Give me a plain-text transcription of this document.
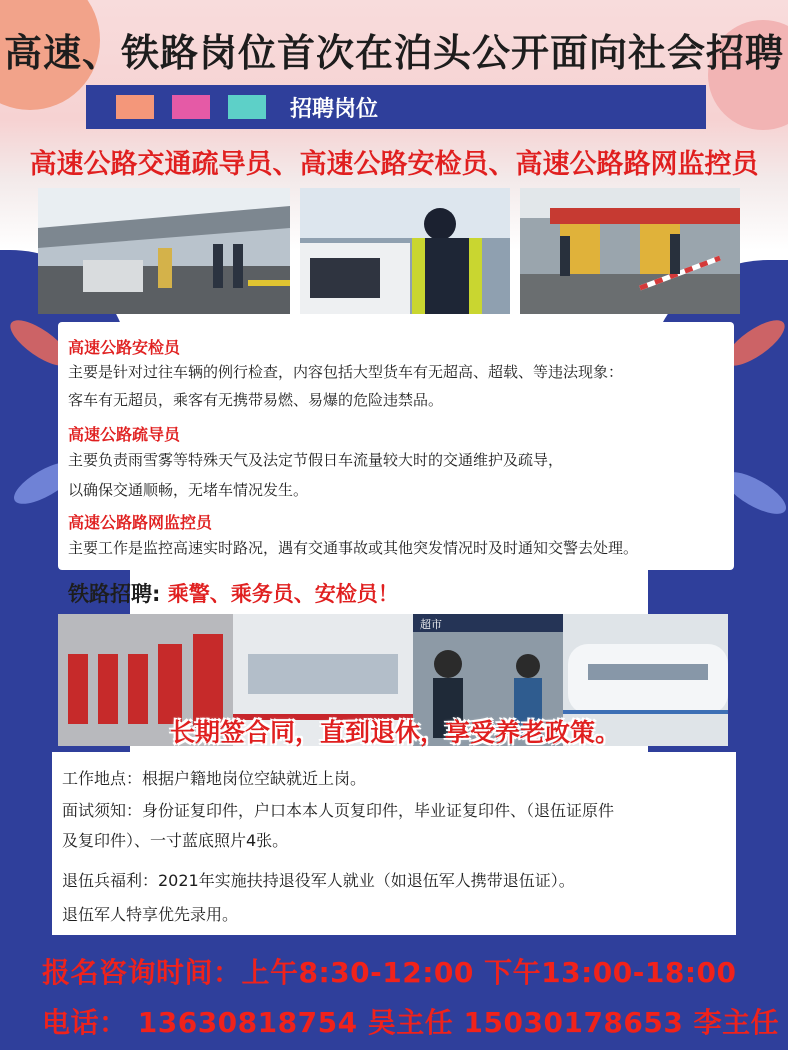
高速、铁路岗位首次在泊头公开面向社会招聘
招聘岗位
高速公路交通疏导员、高速公路安检员、高速公路路网监控员
高速公路安检员
主要是针对过往车辆的例行检查，内容包括大型货车有无超高、超载、等违法现象：
客车有无超员，乘客有无携带易燃、易爆的危险违禁品。
高速公路疏导员
主要负责雨雪雾等特殊天气及法定节假日车流量较大时的交通维护及疏导，
以确保交通顺畅，无堵车情况发生。
高速公路路网监控员
主要工作是监控高速实时路况，遇有交通事故或其他突发情况时及时通知交警去处理。
铁路招聘: 乘警、乘务员、安检员！
超市
长期签合同，直到退休，享受养老政策。
工作地点：根据户籍地岗位空缺就近上岗。
面试须知：身份证复印件，户口本本人页复印件，毕业证复印件、（退伍证原件
及复印件）、一寸蓝底照片4张。
退伍兵福利：2021年实施扶持退役军人就业（如退伍军人携带退伍证）。
退伍军人特享优先录用。
报名咨询时间：上午8:30-12:00 下午13:00-18:00
电话： 13630818754 吴主任 15030178653 李主任
